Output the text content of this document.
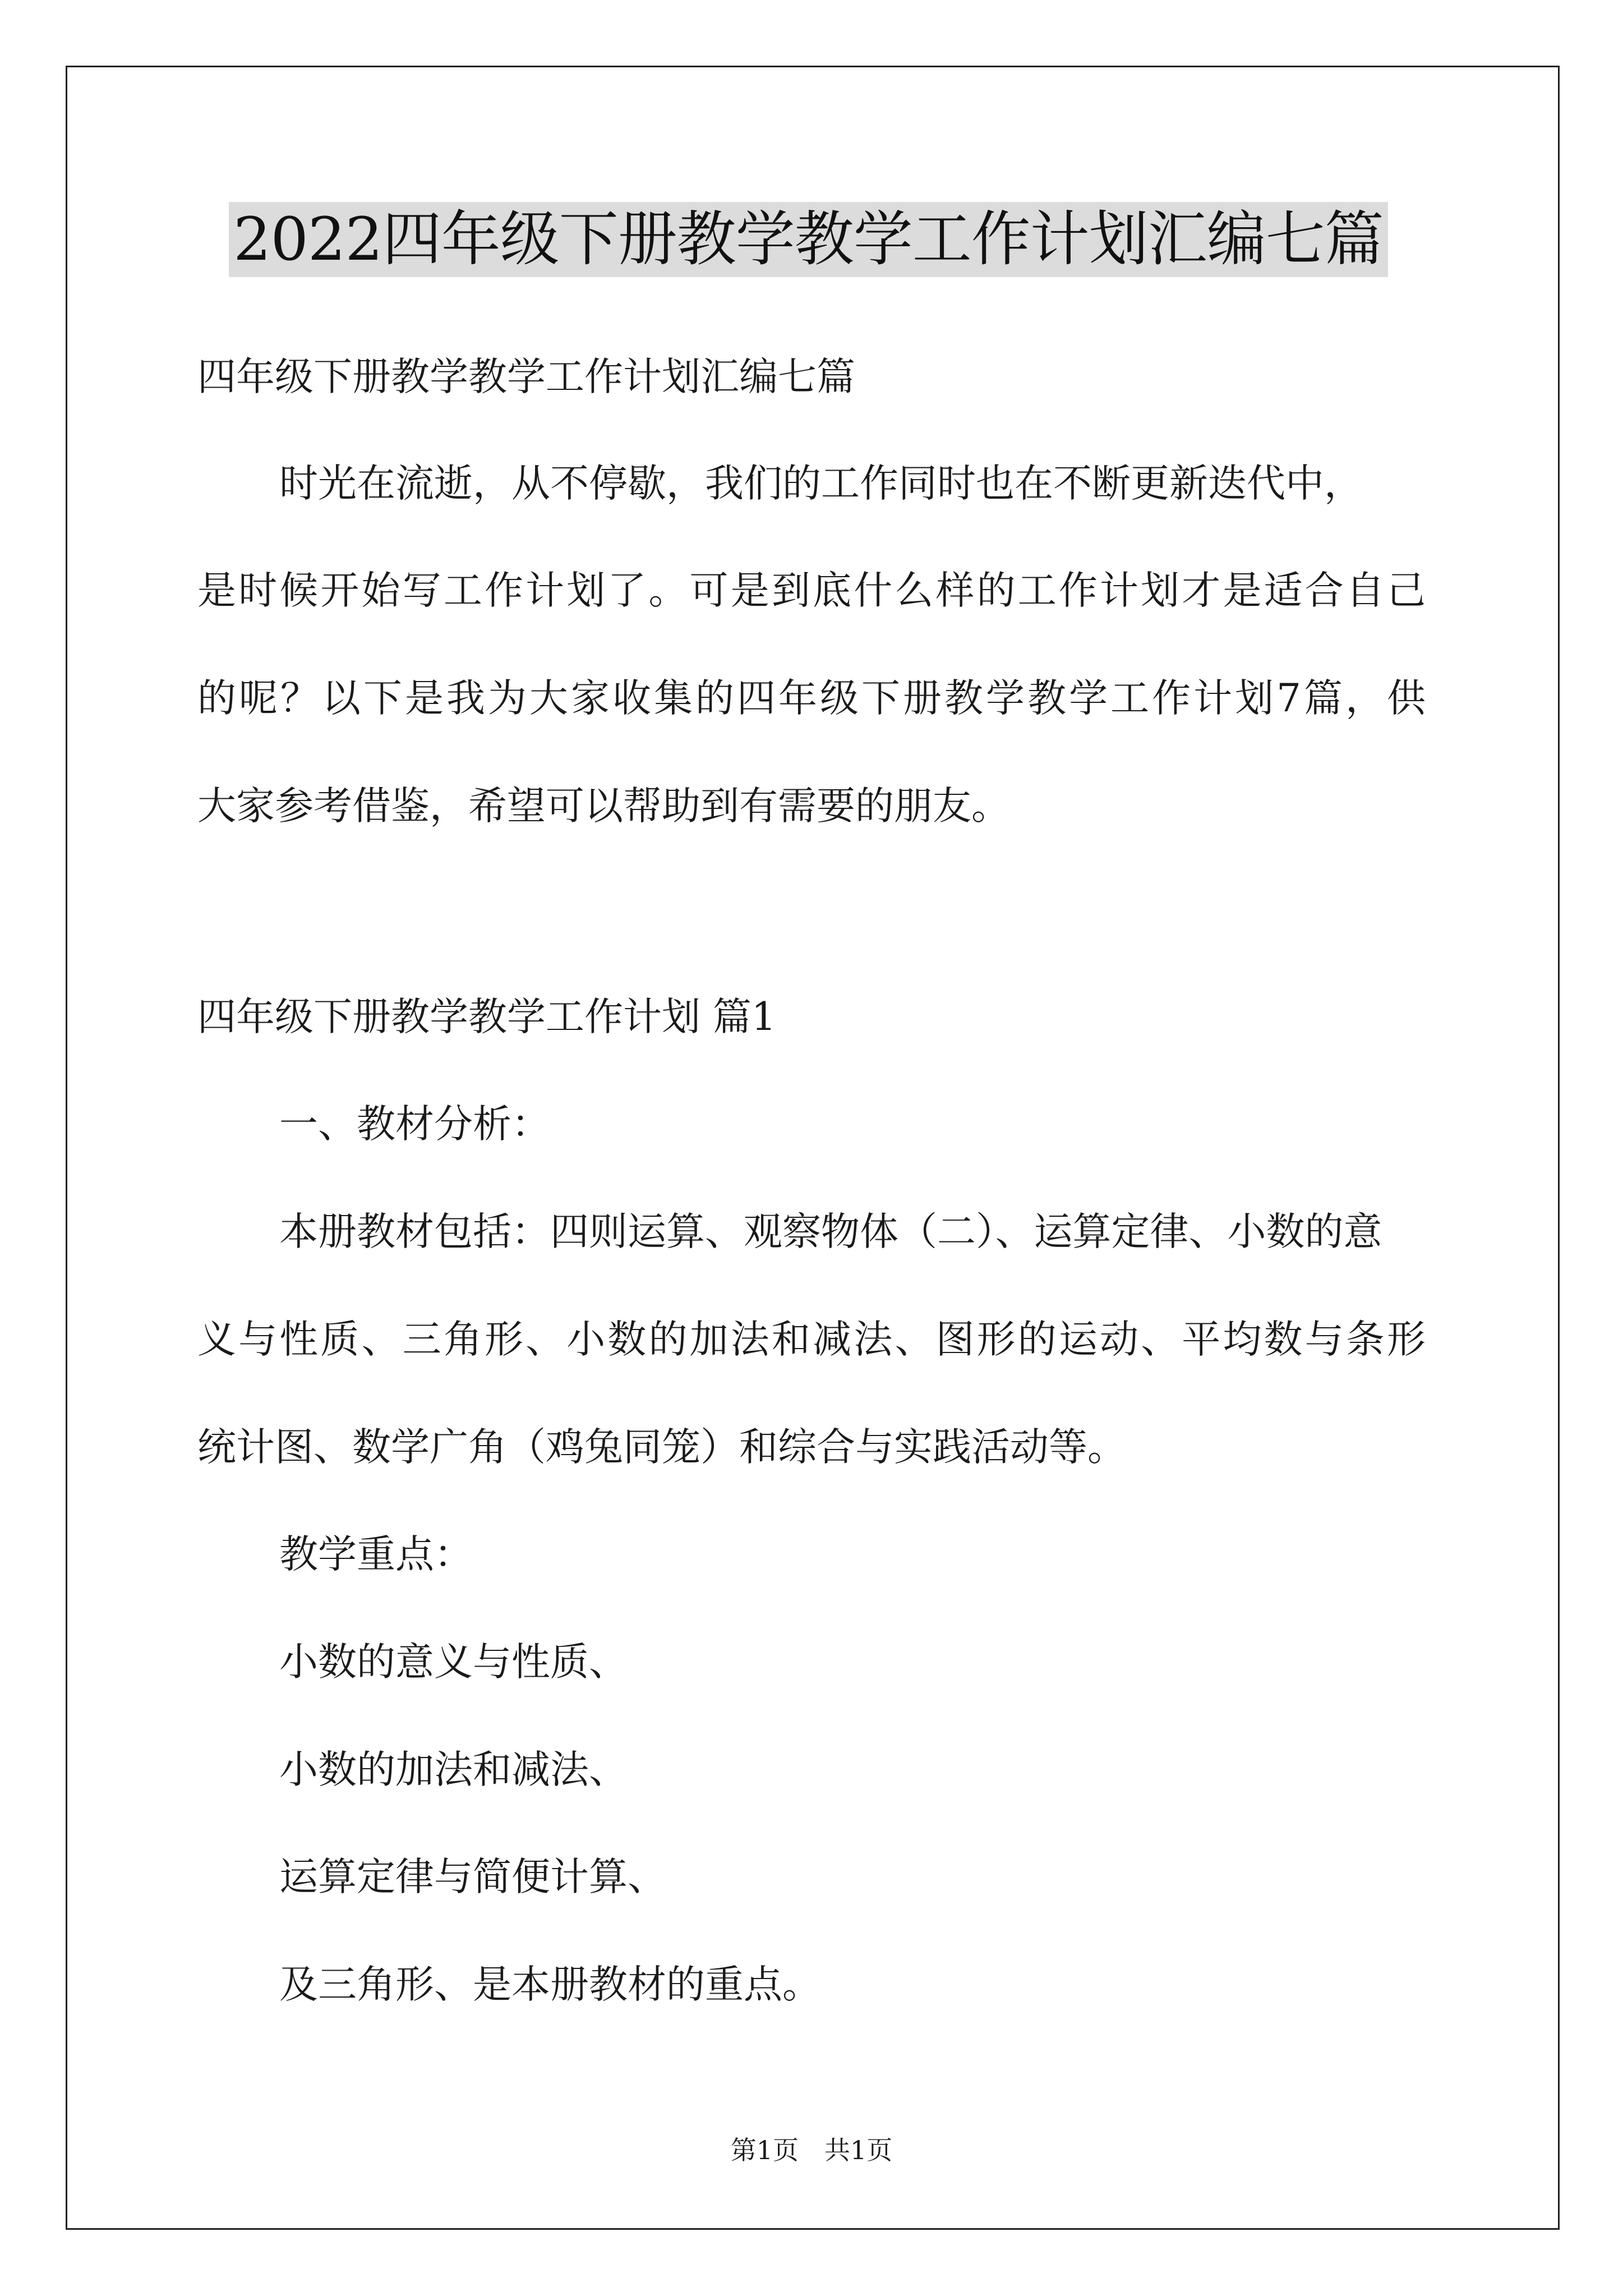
2022四年级下册教学教学工作计划汇编七篇
四年级下册教学教学工作计划汇编七篇
时光在流逝，从不停歇，我们的工作同时也在不断更新迭代中，
是时候开始写工作计划了。可是到底什么样的工作计划才是适合自己
的呢？以下是我为大家收集的四年级下册教学教学工作计划7篇，供
大家参考借鉴，希望可以帮助到有需要的朋友。
四年级下册教学教学工作计划 篇1
一、教材分析：
本册教材包括：四则运算、观察物体（二）、运算定律、小数的意
义与性质、三角形、小数的加法和减法、图形的运动、平均数与条形
统计图、数学广角（鸡兔同笼）和综合与实践活动等。
教学重点：
小数的意义与性质、
小数的加法和减法、
运算定律与简便计算、
及三角形、是本册教材的重点。
第1页　共1页
